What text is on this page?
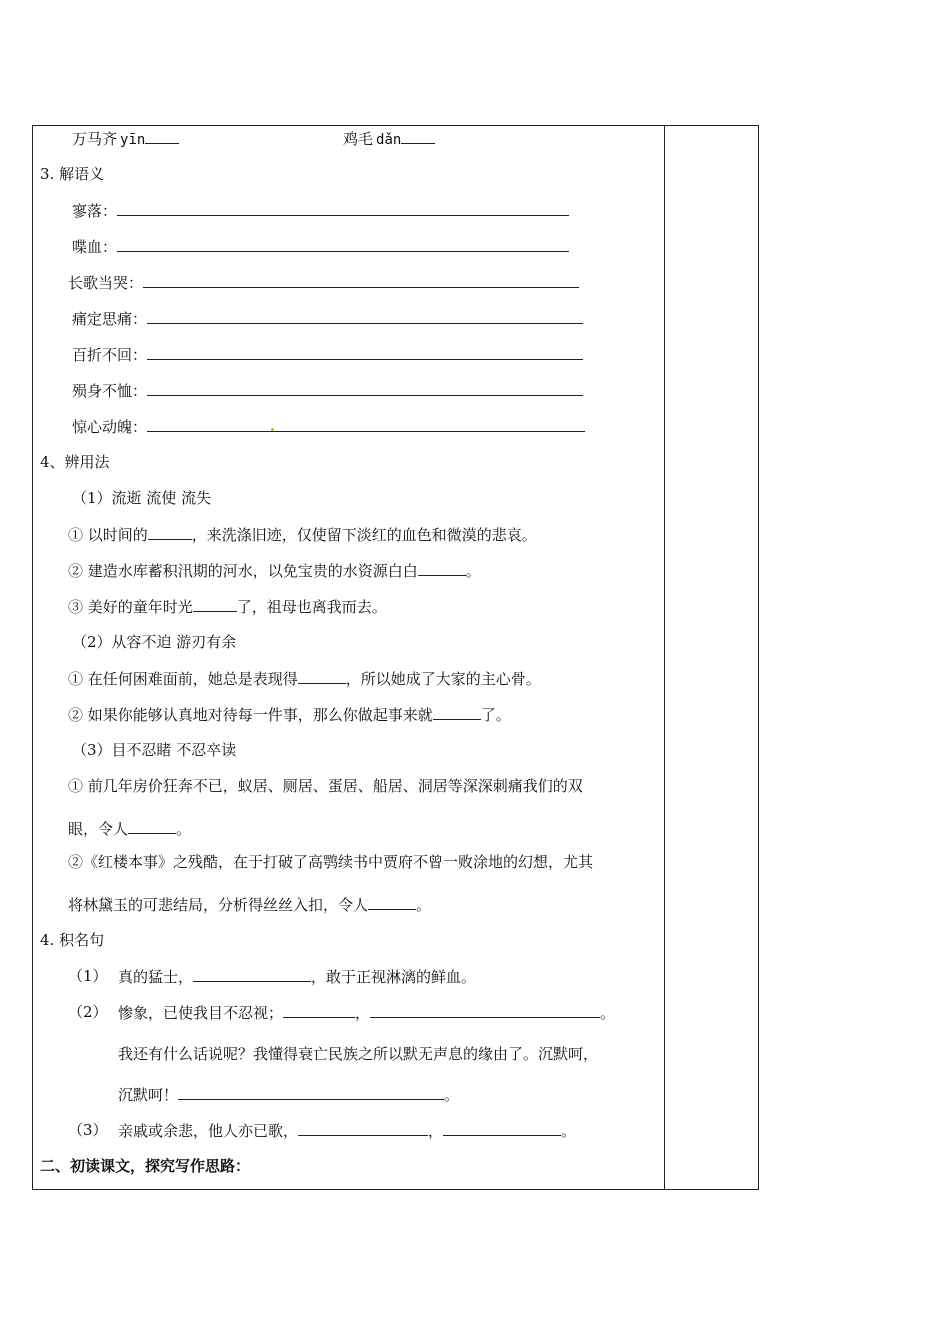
万马齐 yīn	鸡毛 dǎn
3. 解语义
寥落：
喋血：
长歌当哭：
痛定思痛：
百折不回：
殒身不恤：
惊心动魄：
4、辨用法
（1）流逝 流使 流失
① 以时间的	，来洗涤旧迹，仅使留下淡红的血色和微漠的悲哀。
② 建造水库蓄积汛期的河水，以免宝贵的水资源白白	。
③ 美好的童年时光	了，祖母也离我而去。
（2）从容不迫 游刃有余
① 在任何困难面前，她总是表现得	，所以她成了大家的主心骨。
② 如果你能够认真地对待每一件事，那么你做起事来就	了。
（3）目不忍睹 不忍卒读
① 前几年房价狂奔不已，蚁居、厕居、蛋居、船居、洞居等深深刺痛我们的双
眼，令人	。
②《红楼本事》之残酷，在于打破了高鹗续书中贾府不曾一败涂地的幻想，尤其
将林黛玉的可悲结局，分析得丝丝入扣，令人	。
4. 积名句
（1） 真的猛士，	，敢于正视淋漓的鲜血。
（2） 惨象，已使我目不忍视；	，	。
我还有什么话说呢？我懂得衰亡民族之所以默无声息的缘由了。沉默呵，
沉默呵！	。
（3） 亲戚或余悲，他人亦已歌，	，	。
二、初读课文，探究写作思路：
